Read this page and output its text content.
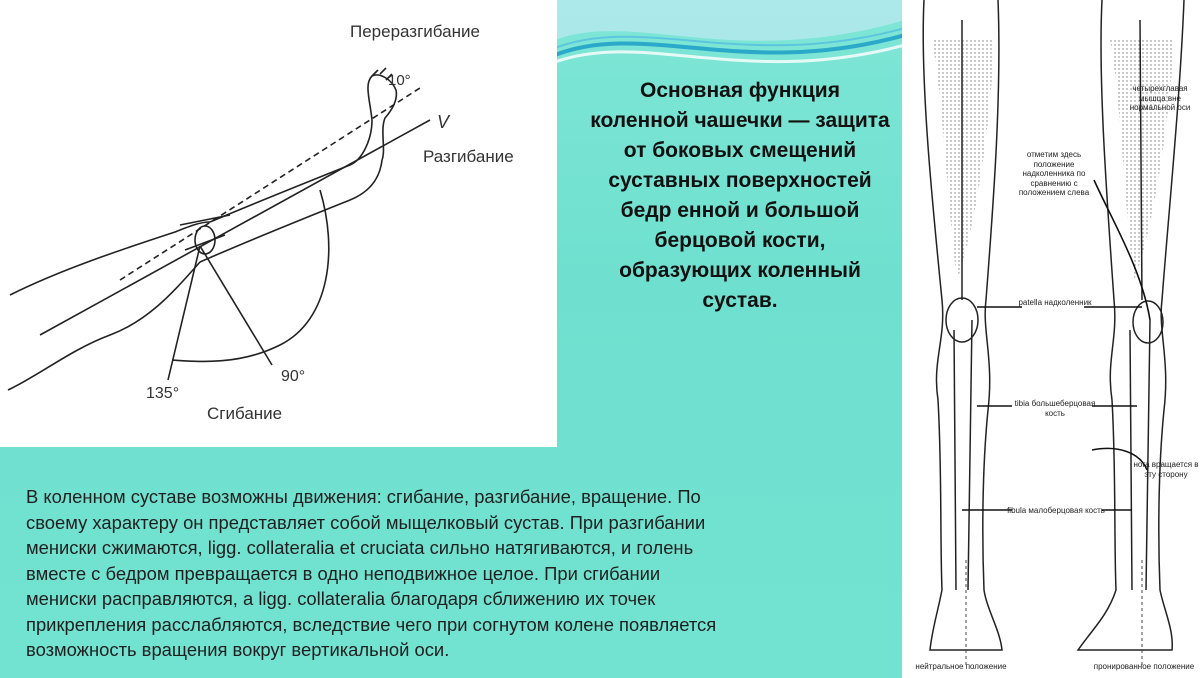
Переразгибание
10°
V
Разгибание
90°
135°
Сгибание
Основная функция коленной чашечки — защита от боковых смещений суставных поверхностей бедр енной и большой берцовой кости, образующих коленный сустав.
В коленном суставе возможны движения: сгибание, разгибание, вращение. По
своему характеру он представляет собой мыщелковый сустав. При разгибании
мениски сжимаются, ligg. collateralia et cruciata сильно натягиваются, и голень
вместе с бедром превращается в одно неподвижное целое. При сгибании
мениски расправляются, а ligg. collateralia благодаря сближению их точек
прикрепления расслабляются, вследствие чего при согнутом колене появляется
возможность вращения вокруг вертикальной оси.
четырехглавая мышца вне нормальной оси
отметим здесь положение надколенника по сравнению с положением слева
patella надколенник
tibia большеберцовая кость
fibula малоберцовая кость
нога вращается в эту сторону
нейтральное положение	пронированное положение
